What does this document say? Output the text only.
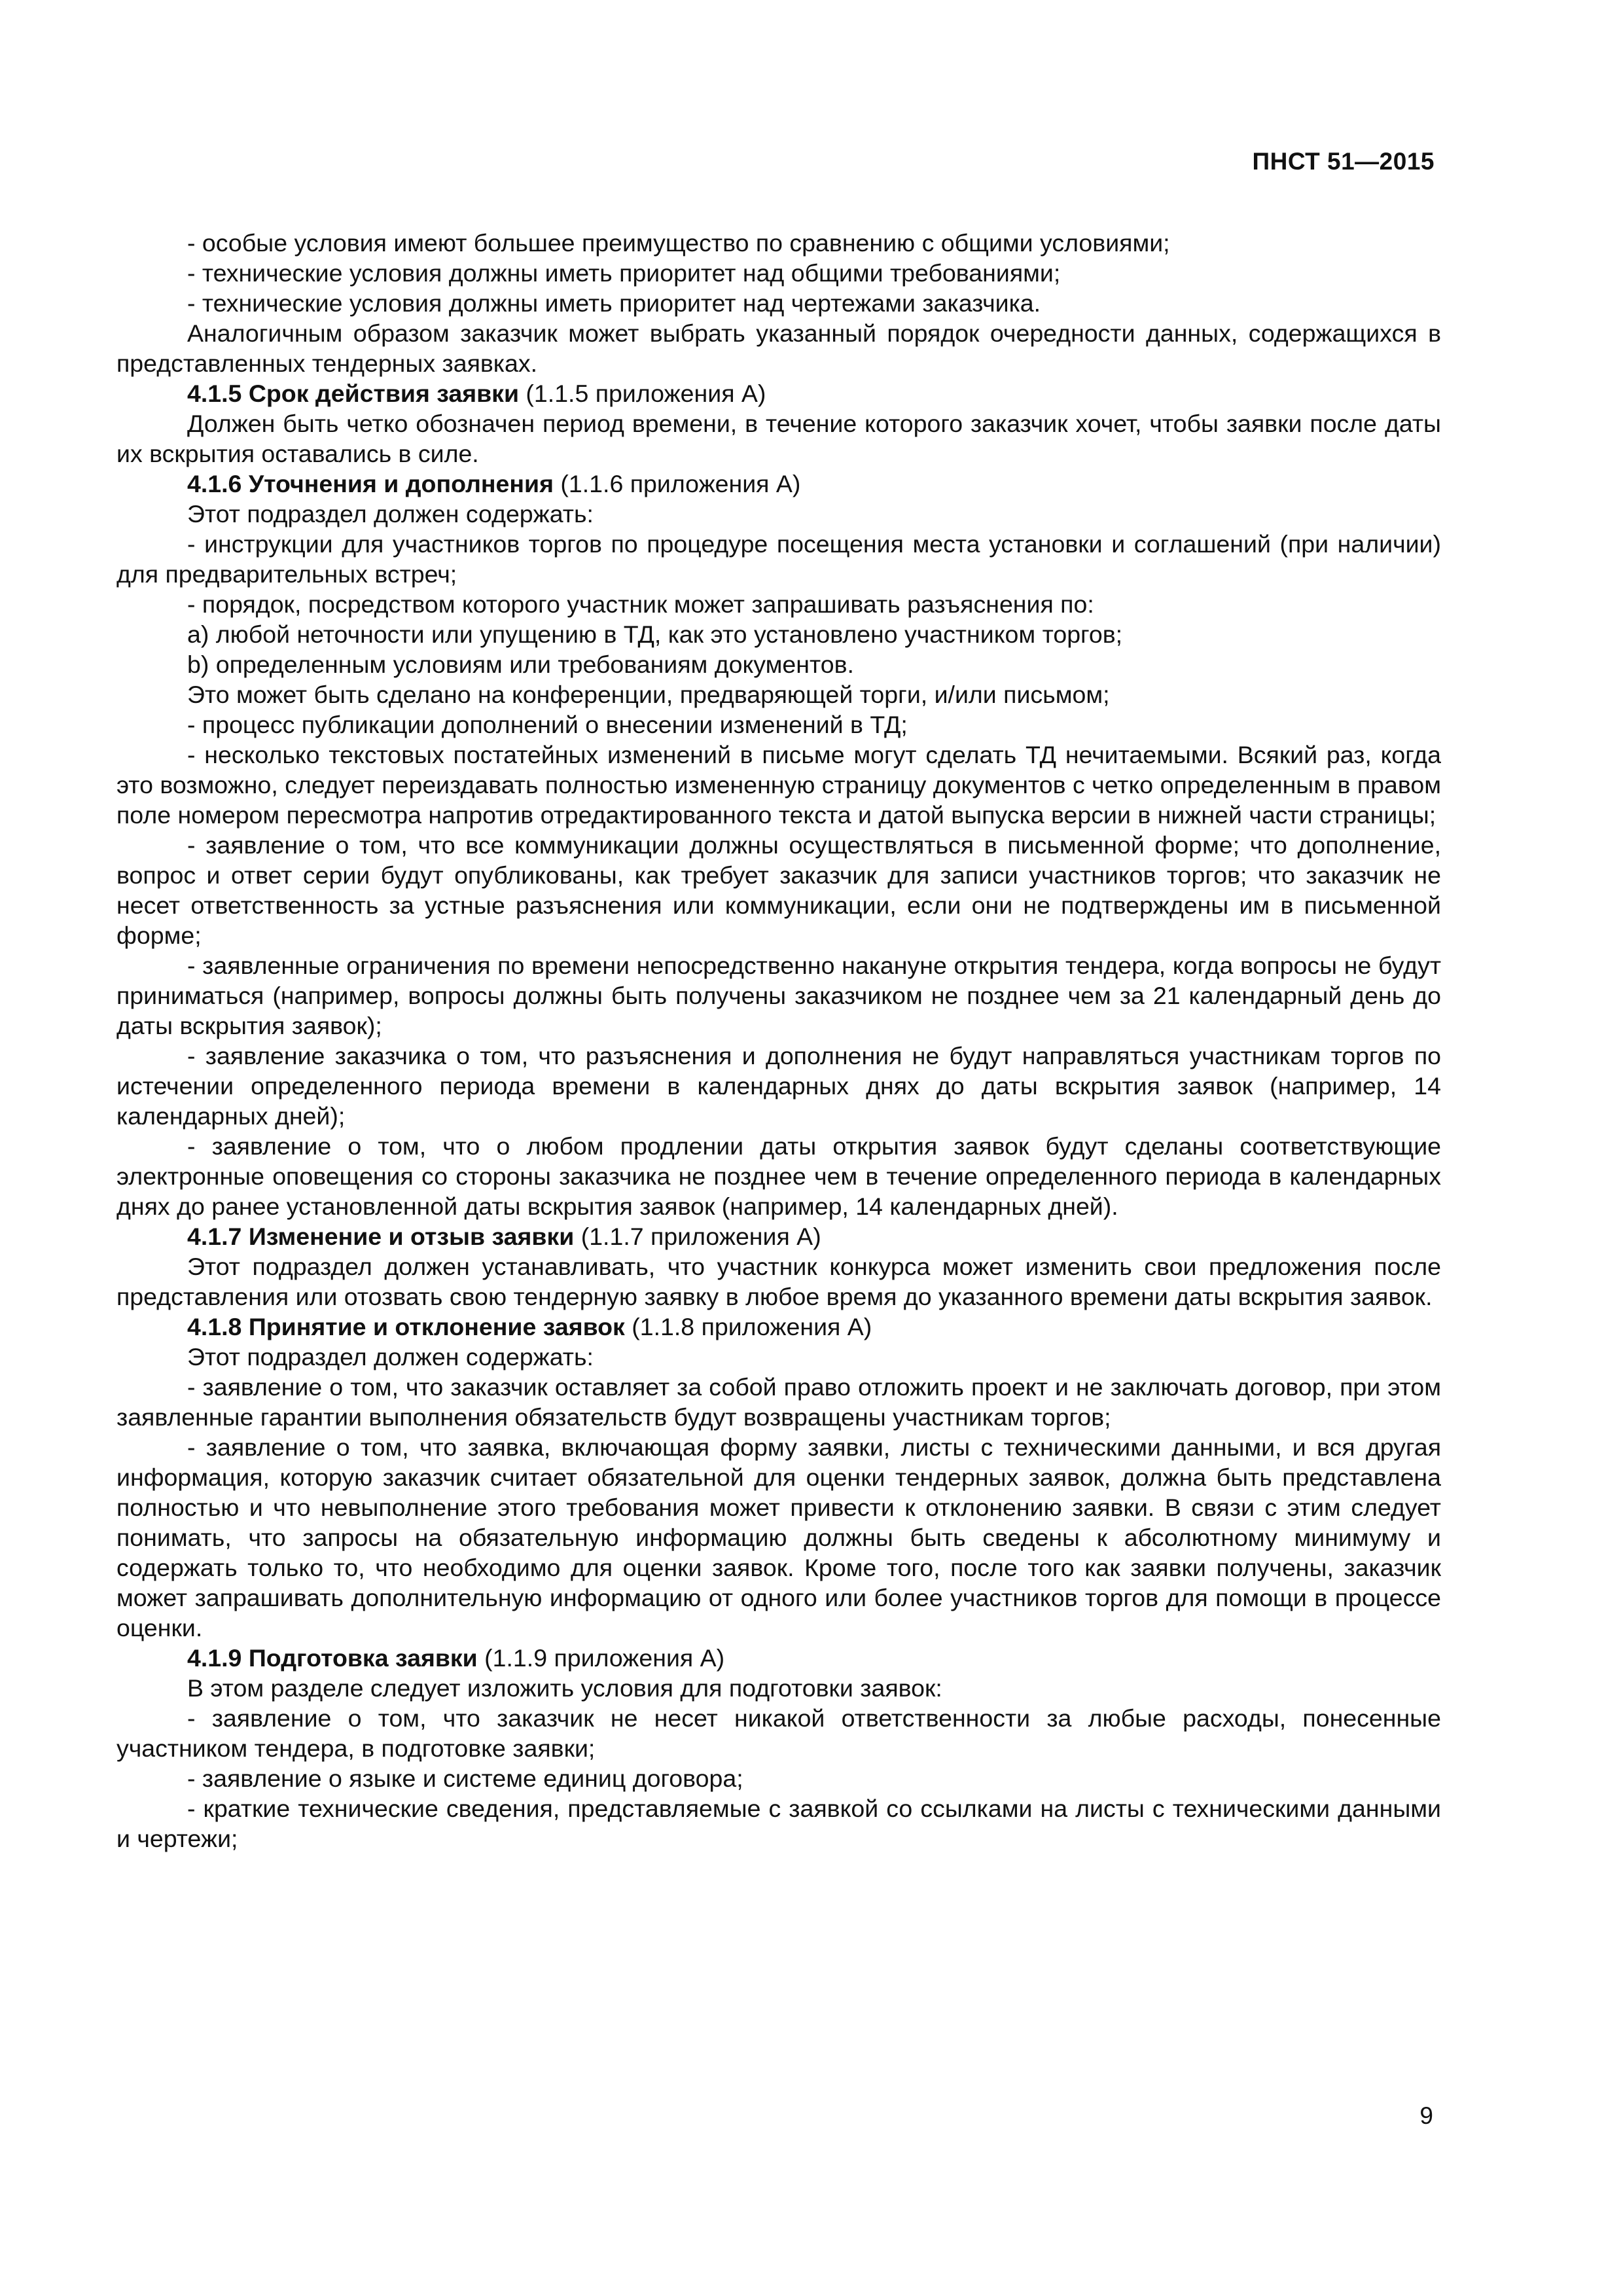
ПНСТ 51—2015

- особые условия имеют большее преимущество по сравнению с общими условиями;

- технические условия должны иметь приоритет над общими требованиями;

- технические условия должны иметь приоритет над чертежами заказчика.

Аналогичным образом заказчик может выбрать указанный порядок очередности данных, содержащихся в представленных тендерных заявках.

4.1.5 Срок действия заявки (1.1.5 приложения А)

Должен быть четко обозначен период времени, в течение которого заказчик хочет, чтобы заявки после даты их вскрытия оставались в силе.

4.1.6 Уточнения и дополнения (1.1.6 приложения А)

Этот подраздел должен содержать:

- инструкции для участников торгов по процедуре посещения места установки и соглашений (при наличии) для предварительных встреч;

- порядок, посредством которого участник может запрашивать разъяснения по:

a) любой неточности или упущению в ТД, как это установлено участником торгов;

b) определенным условиям или требованиям документов.

Это может быть сделано на конференции, предваряющей торги, и/или письмом;

- процесс публикации дополнений о внесении изменений в ТД;

- несколько текстовых постатейных изменений в письме могут сделать ТД нечитаемыми. Всякий раз, когда это возможно, следует переиздавать полностью измененную страницу документов с четко определенным в правом поле номером пересмотра напротив отредактированного текста и датой выпуска версии в нижней части страницы;

- заявление о том, что все коммуникации должны осуществляться в письменной форме; что дополнение, вопрос и ответ серии будут опубликованы, как требует заказчик для записи участников торгов; что заказчик не несет ответственность за устные разъяснения или коммуникации, если они не подтверждены им в письменной форме;

- заявленные ограничения по времени непосредственно накануне открытия тендера, когда вопросы не будут приниматься (например, вопросы должны быть получены заказчиком не позднее чем за 21 календарный день до даты вскрытия заявок);

- заявление заказчика о том, что разъяснения и дополнения не будут направляться участникам торгов по истечении определенного периода времени в календарных днях до даты вскрытия заявок (например, 14 календарных дней);

- заявление о том, что о любом продлении даты открытия заявок будут сделаны соответствующие электронные оповещения со стороны заказчика не позднее чем в течение определенного периода в календарных днях до ранее установленной даты вскрытия заявок (например, 14 календарных дней).

4.1.7 Изменение и отзыв заявки (1.1.7 приложения А)

Этот подраздел должен устанавливать, что участник конкурса может изменить свои предложения после представления или отозвать свою тендерную заявку в любое время до указанного времени даты вскрытия заявок.

4.1.8 Принятие и отклонение заявок (1.1.8 приложения А)

Этот подраздел должен содержать:

- заявление о том, что заказчик оставляет за собой право отложить проект и не заключать договор, при этом заявленные гарантии выполнения обязательств будут возвращены участникам торгов;

- заявление о том, что заявка, включающая форму заявки, листы с техническими данными, и вся другая информация, которую заказчик считает обязательной для оценки тендерных заявок, должна быть представлена полностью и что невыполнение этого требования может привести к отклонению заявки. В связи с этим следует понимать, что запросы на обязательную информацию должны быть сведены к абсолютному минимуму и содержать только то, что необходимо для оценки заявок. Кроме того, после того как заявки получены, заказчик может запрашивать дополнительную информацию от одного или более участников торгов для помощи в процессе оценки.

4.1.9 Подготовка заявки (1.1.9 приложения А)

В этом разделе следует изложить условия для подготовки заявок:

- заявление о том, что заказчик не несет никакой ответственности за любые расходы, понесенные участником тендера, в подготовке заявки;

- заявление о языке и системе единиц договора;

- краткие технические сведения, представляемые с заявкой со ссылками на листы с техническими данными и чертежи;

9
